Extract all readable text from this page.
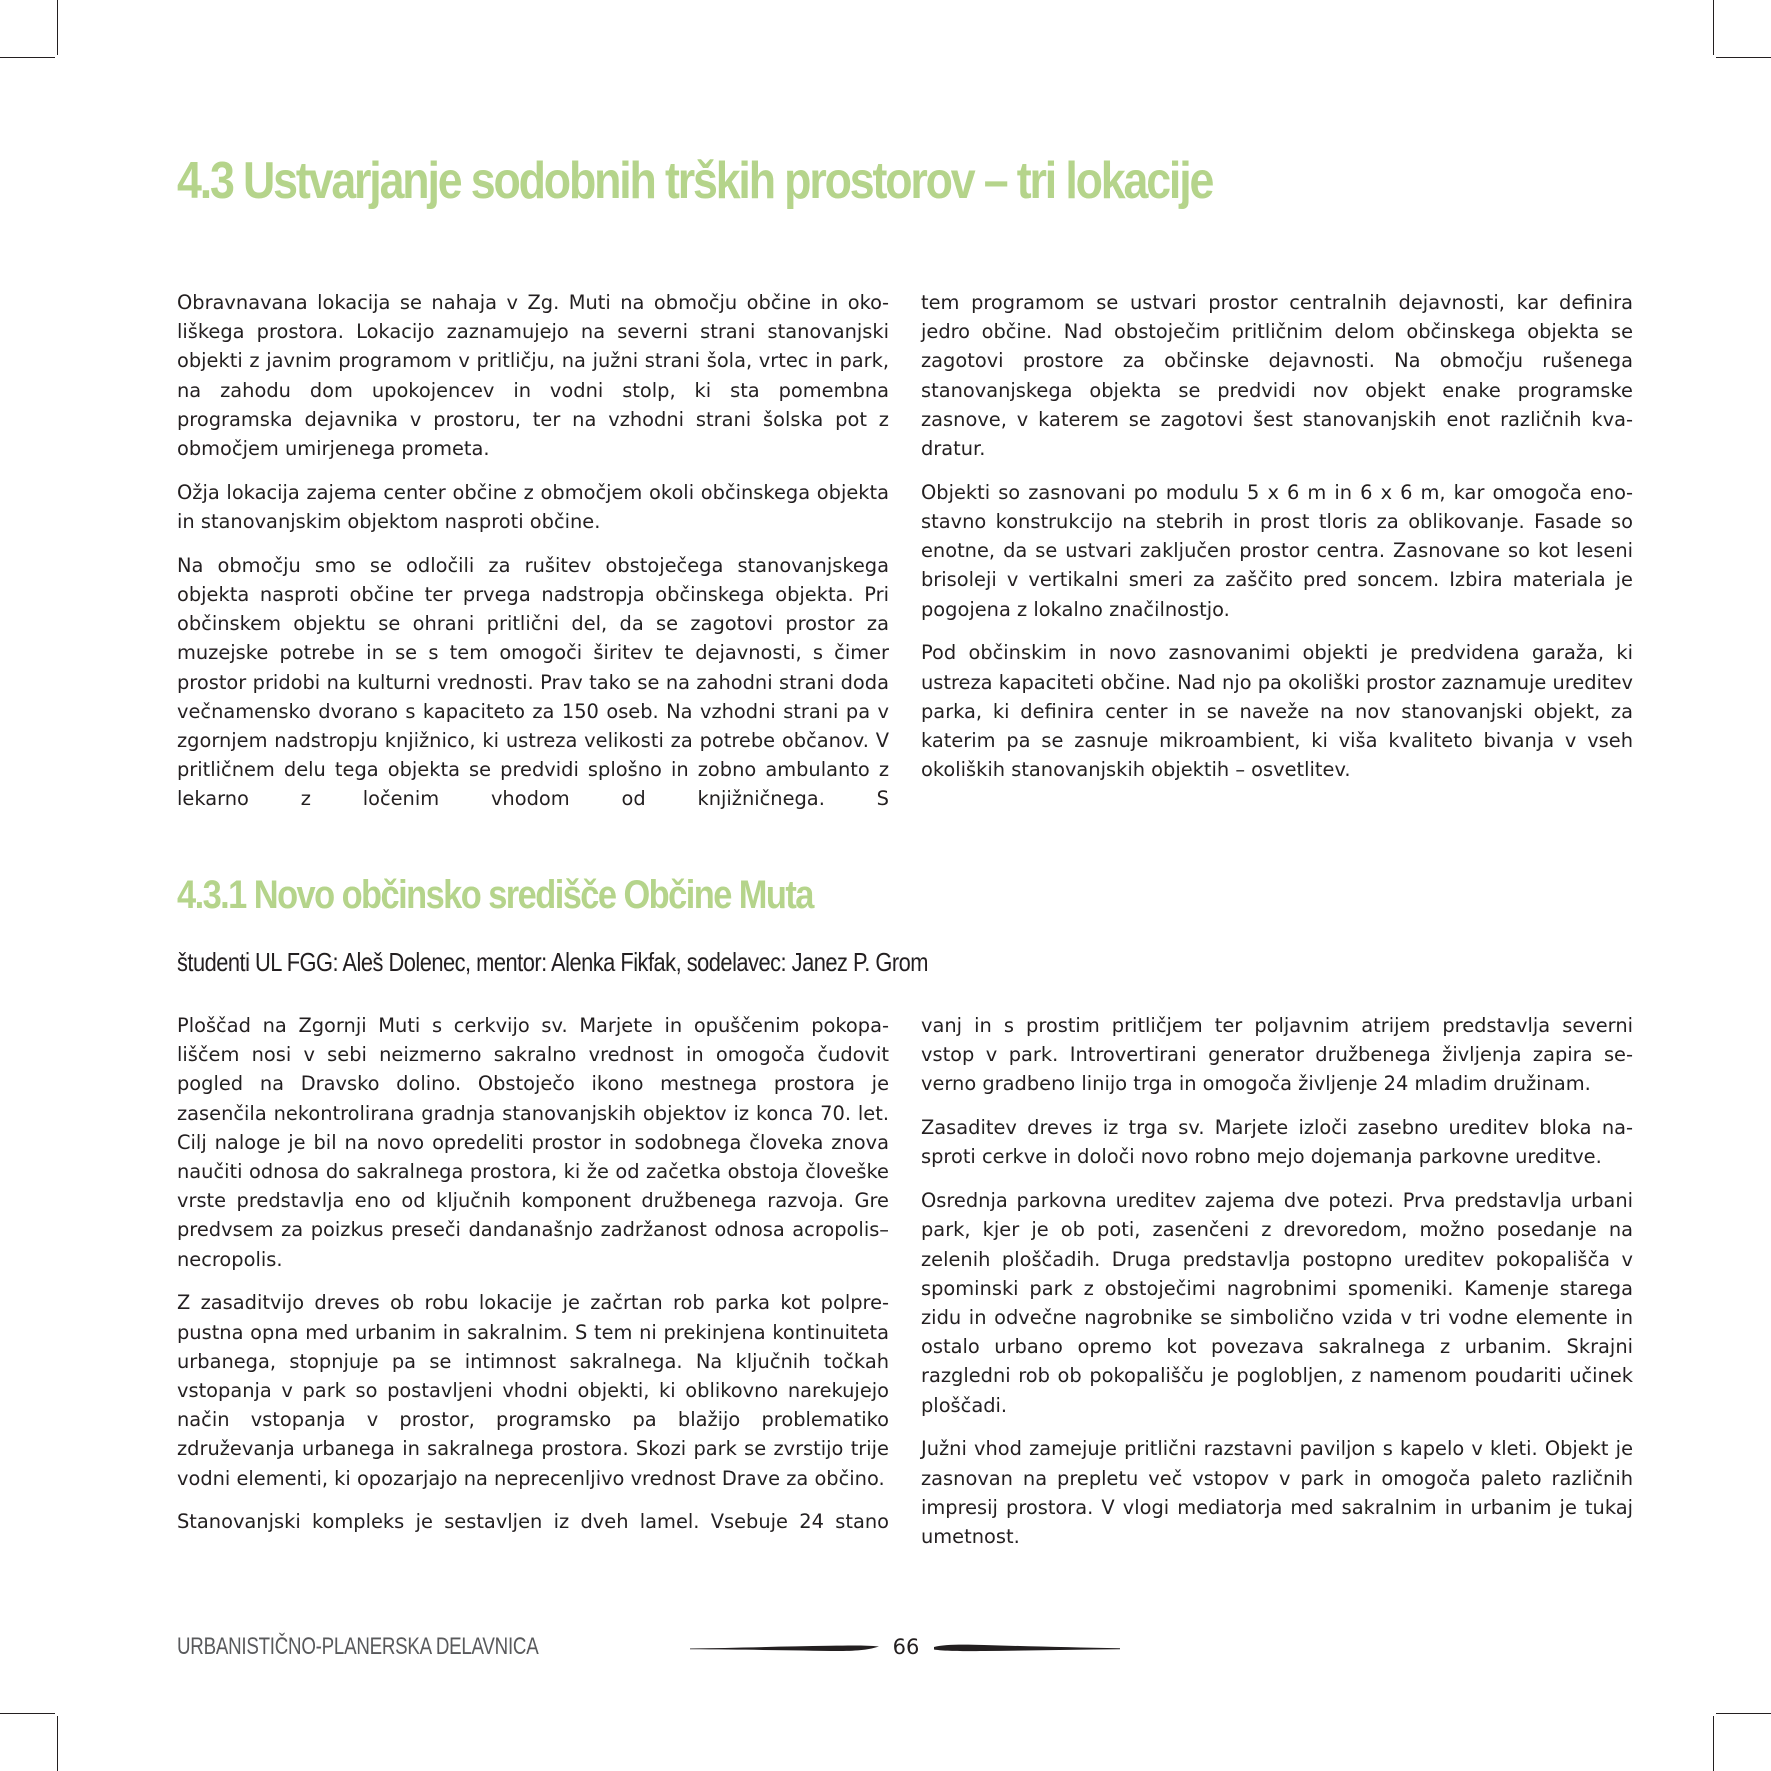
4.3 Ustvarjanje sodobnih trških prostorov – tri lokacije

Obravnavana lokacija se nahaja v Zg. Muti na območju občine in okoliškega prostora. Lokacijo zaznamujejo na severni strani stanovanjski objekti z javnim programom v pritličju, na južni strani šola, vrtec in park, na zahodu dom upokojencev in vodni stolp, ki sta pomembna programska dejavnika v prostoru, ter na vzhodni strani šolska pot z območjem umirjenega prometa.

Ožja lokacija zajema center občine z območjem okoli občinskega objekta in stanovanjskim objektom nasproti občine.

Na območju smo se odločili za rušitev obstoječega stanovanjskega objekta nasproti občine ter prvega nadstropja občinskega objekta. Pri občinskem objektu se ohrani pritlični del, da se zagotovi prostor za muzejske potrebe in se s tem omogoči širitev te dejavnosti, s čimer prostor pridobi na kulturni vrednosti. Prav tako se na zahodni strani doda večnamensko dvorano s kapaciteto za 150 oseb. Na vzhodni strani pa v zgornjem nadstropju knjižnico, ki ustreza velikosti za potrebe občanov. V pritličnem delu tega objekta se predvidi splošno in zobno ambulanto z lekarno z ločenim vhodom od knjižničnega. S

tem programom se ustvari prostor centralnih dejavnosti, kar definira jedro občine. Nad obstoječim pritličnim delom občinskega objekta se zagotovi prostore za občinske dejavnosti. Na območju rušenega stanovanjskega objekta se predvidi nov objekt enake programske zasnove, v katerem se zagotovi šest stanovanjskih enot različnih kvadratur.

Objekti so zasnovani po modulu 5 x 6 m in 6 x 6 m, kar omogoča enostavno konstrukcijo na stebrih in prost tloris za oblikovanje. Fasade so enotne, da se ustvari zaključen prostor centra. Zasnovane so kot leseni brisoleji v vertikalni smeri za zaščito pred soncem. Izbira materiala je pogojena z lokalno značilnostjo.

Pod občinskim in novo zasnovanimi objekti je predvidena garaža, ki ustreza kapaciteti občine. Nad njo pa okoliški prostor zaznamuje ureditev parka, ki definira center in se naveže na nov stanovanjski objekt, za katerim pa se zasnuje mikroambient, ki viša kvaliteto bivanja v vseh okoliških stanovanjskih objektih – osvetlitev.

4.3.1 Novo občinsko središče Občine Muta

študenti UL FGG: Aleš Dolenec, mentor: Alenka Fikfak, sodelavec: Janez P. Grom

Ploščad na Zgornji Muti s cerkvijo sv. Marjete in opuščenim pokopališčem nosi v sebi neizmerno sakralno vrednost in omogoča čudovit pogled na Dravsko dolino. Obstoječo ikono mestnega prostora je zasenčila nekontrolirana gradnja stanovanjskih objektov iz konca 70. let. Cilj naloge je bil na novo opredeliti prostor in sodobnega človeka znova naučiti odnosa do sakralnega prostora, ki že od začetka obstoja človeške vrste predstavlja eno od ključnih komponent družbenega razvoja. Gre predvsem za poizkus preseči dandanašnjo zadržanost odnosa acropolis–necropolis.

Z zasaditvijo dreves ob robu lokacije je začrtan rob parka kot polprepustna opna med urbanim in sakralnim. S tem ni prekinjena kontinuiteta urbanega, stopnjuje pa se intimnost sakralnega. Na ključnih točkah vstopanja v park so postavljeni vhodni objekti, ki oblikovno narekujejo način vstopanja v prostor, programsko pa blažijo problematiko združevanja urbanega in sakralnega prostora. Skozi park se zvrstijo trije vodni elementi, ki opozarjajo na neprecenljivo vrednost Drave za občino.

Stanovanjski kompleks je sestavljen iz dveh lamel. Vsebuje 24 stano

vanj in s prostim pritličjem ter poljavnim atrijem predstavlja severni vstop v park. Introvertirani generator družbenega življenja zapira severno gradbeno linijo trga in omogoča življenje 24 mladim družinam.

Zasaditev dreves iz trga sv. Marjete izloči zasebno ureditev bloka nasproti cerkve in določi novo robno mejo dojemanja parkovne ureditve.

Osrednja parkovna ureditev zajema dve potezi. Prva predstavlja urbani park, kjer je ob poti, zasenčeni z drevoredom, možno posedanje na zelenih ploščadih. Druga predstavlja postopno ureditev pokopališča v spominski park z obstoječimi nagrobnimi spomeniki. Kamenje starega zidu in odvečne nagrobnike se simbolično vzida v tri vodne elemente in ostalo urbano opremo kot povezava sakralnega z urbanim. Skrajni razgledni rob ob pokopališču je poglobljen, z namenom poudariti učinek ploščadi.

Južni vhod zamejuje pritlični razstavni paviljon s kapelo v kleti. Objekt je zasnovan na prepletu več vstopov v park in omogoča paleto različnih impresij prostora. V vlogi mediatorja med sakralnim in urbanim je tukaj umetnost.

URBANISTIČNO-PLANERSKA DELAVNICA	66
